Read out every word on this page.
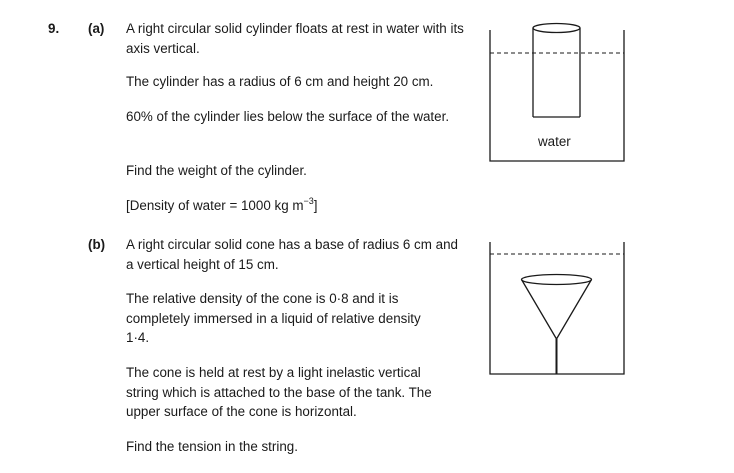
9. (a) A right circular solid cylinder floats at rest in water with its axis vertical.
The cylinder has a radius of 6 cm and height 20 cm.
60% of the cylinder lies below the surface of the water.
Find the weight of the cylinder.
[Density of water = 1000 kg $m^{-3}$]
(b) A right circular solid cone has a base of radius 6 cm and a vertical height of 15 cm.
The relative density of the cone is 0·8 and it is completely immersed in a liquid of relative density 1·4.
The cone is held at rest by a light inelastic vertical string which is attached to the base of the tank. The upper surface of the cone is horizontal.
Find the tension in the string.
water
